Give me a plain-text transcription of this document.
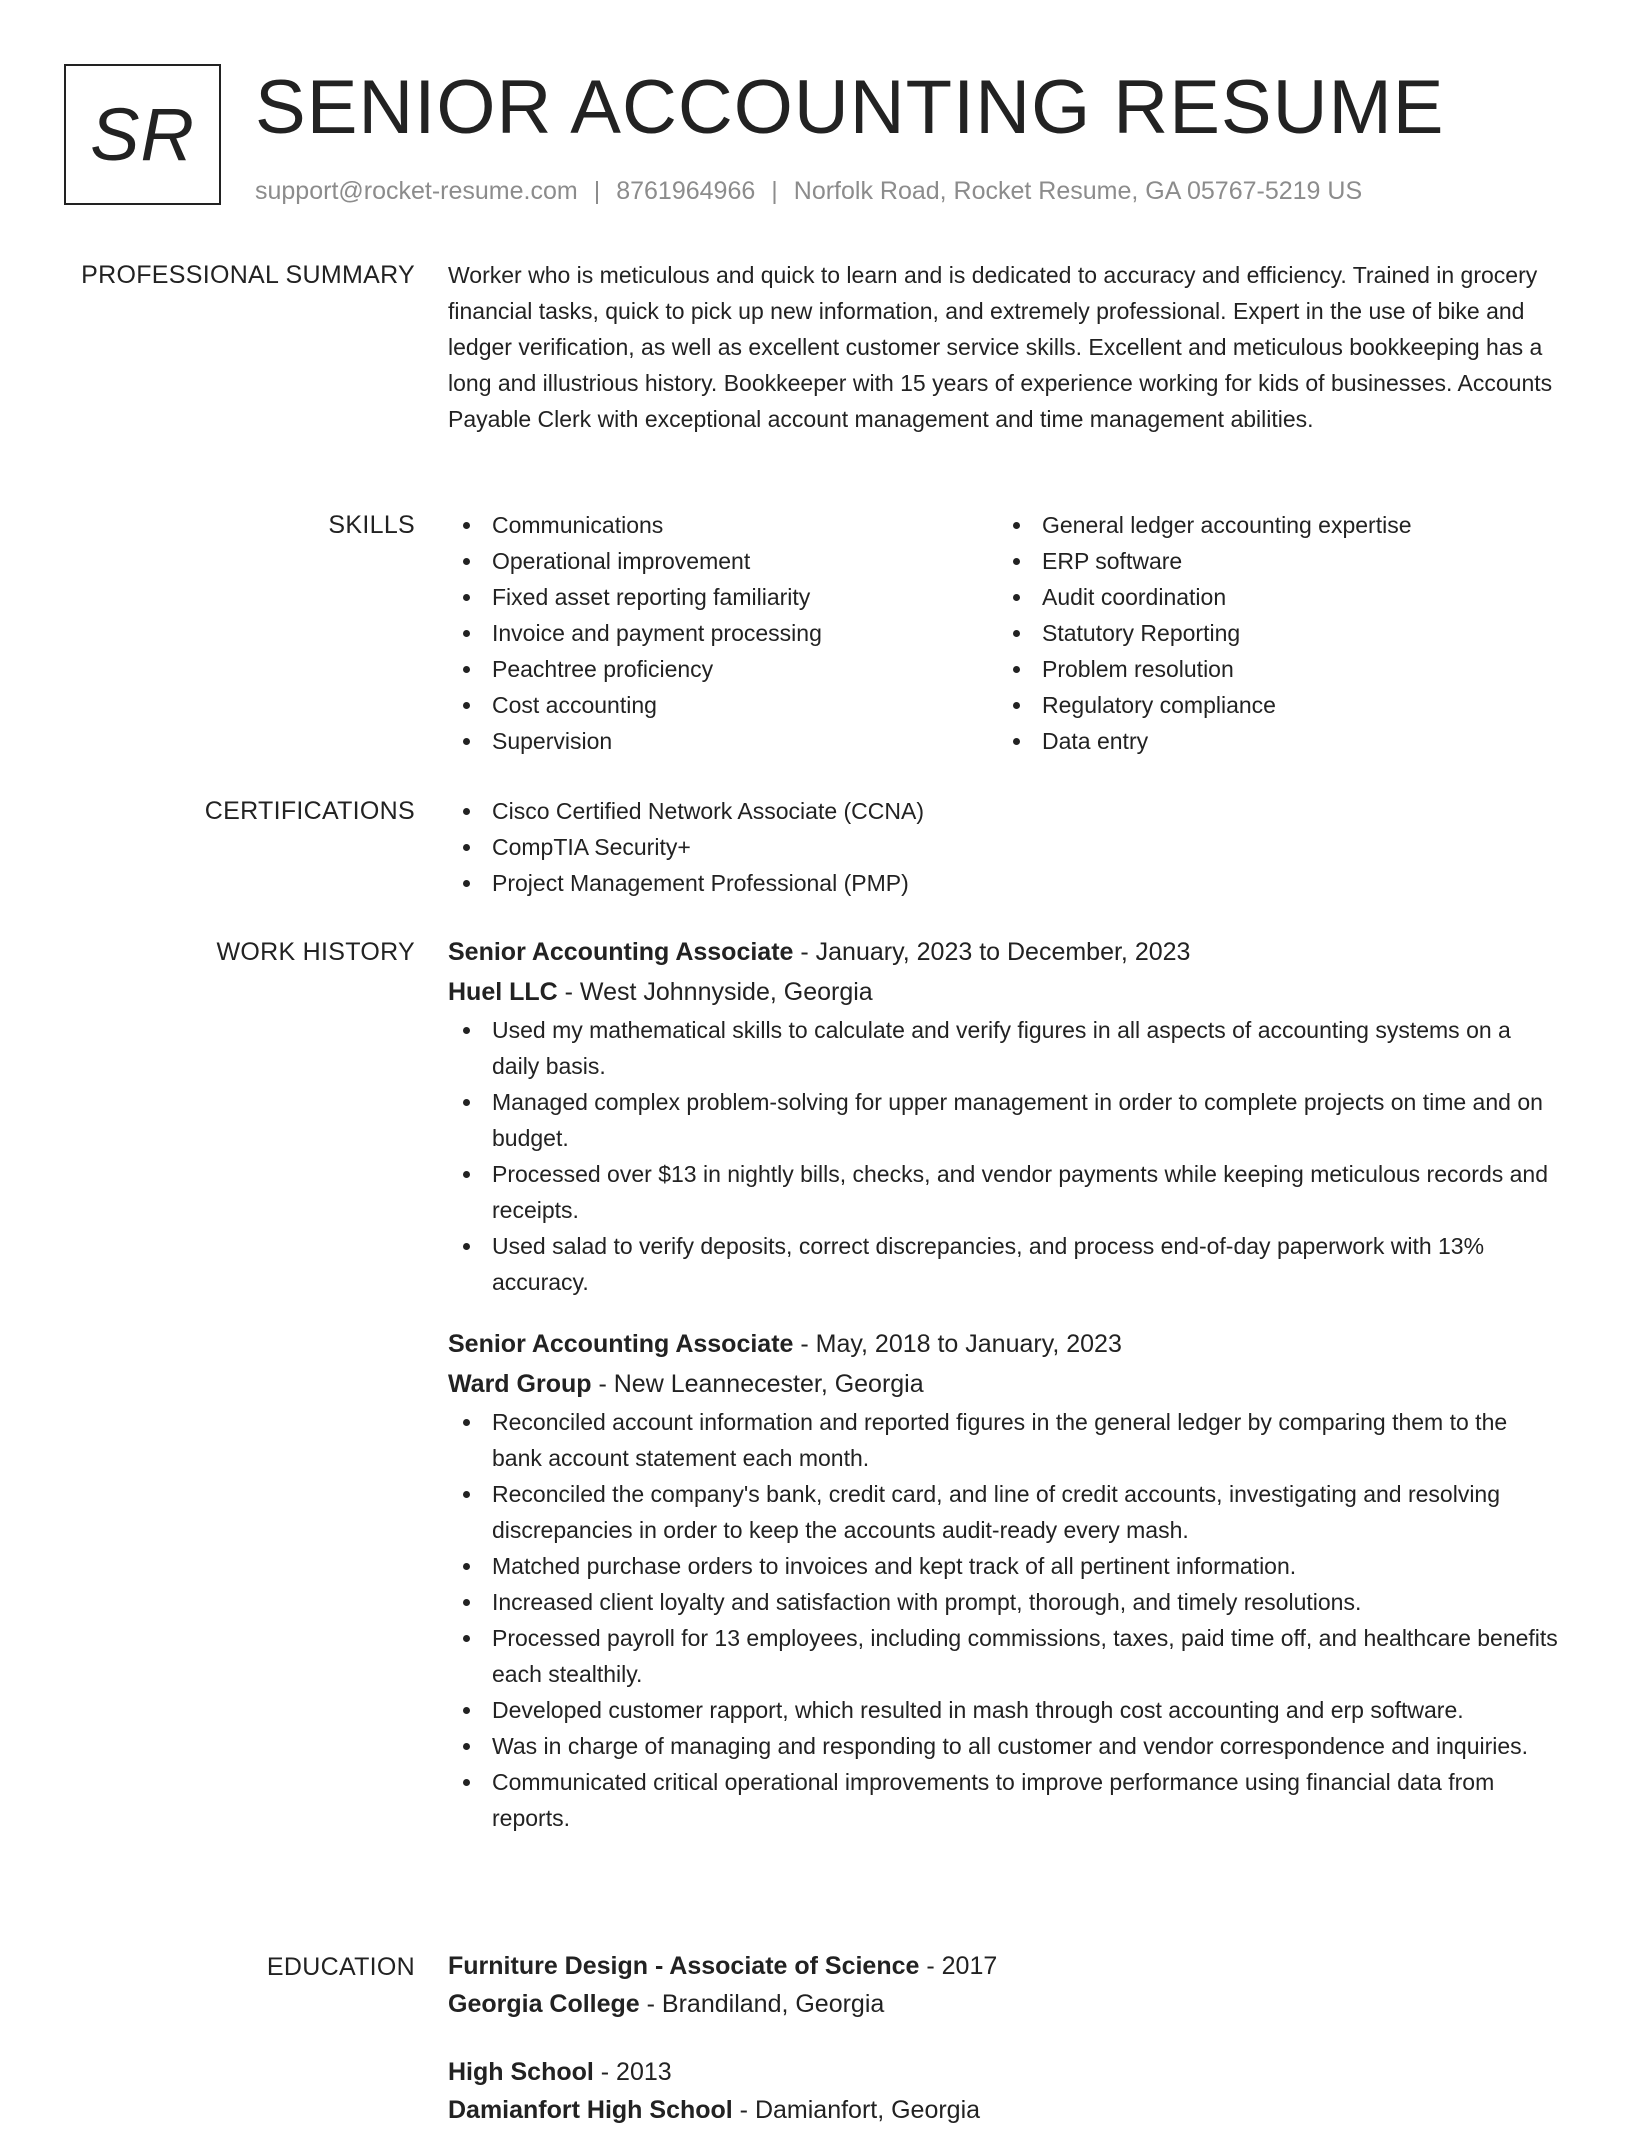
SR SENIOR ACCOUNTING RESUME
support@rocket-resume.com | 8761964966 | Norfolk Road, Rocket Resume, GA 05767-5219 US
PROFESSIONAL SUMMARY Worker who is meticulous and quick to learn and is dedicated to accuracy and efficiency. Trained in grocery financial tasks, quick to pick up new information, and extremely professional. Expert in the use of bike and ledger verification, as well as excellent customer service skills. Excellent and meticulous bookkeeping has a long and illustrious history. Bookkeeper with 15 years of experience working for kids of businesses. Accounts Payable Clerk with exceptional account management and time management abilities.

SKILLS	Communications
Operational improvement
Fixed asset reporting familiarity
Invoice and payment processing
Peachtree proficiency
Cost accounting
Supervision
General ledger accounting expertise
ERP software
Audit coordination
Statutory Reporting
Problem resolution
Regulatory compliance
Data entry
CERTIFICATIONS	Cisco Certified Network Associate (CCNA)
CompTIA Security+
Project Management Professional (PMP)
WORK HISTORY Senior Accounting Associate - January, 2023 to December, 2023
Huel LLC - West Johnnyside, Georgia
Used my mathematical skills to calculate and verify figures in all aspects of accounting systems on a daily basis.
Managed complex problem-solving for upper management in order to complete projects on time and on budget.
Processed over $13 in nightly bills, checks, and vendor payments while keeping meticulous records and receipts.
Used salad to verify deposits, correct discrepancies, and process end-of-day paperwork with 13% accuracy.
Senior Accounting Associate - May, 2018 to January, 2023
Ward Group - New Leannecester, Georgia
Reconciled account information and reported figures in the general ledger by comparing them to the bank account statement each month.
Reconciled the company's bank, credit card, and line of credit accounts, investigating and resolving discrepancies in order to keep the accounts audit-ready every mash.
Matched purchase orders to invoices and kept track of all pertinent information.
Increased client loyalty and satisfaction with prompt, thorough, and timely resolutions.
Processed payroll for 13 employees, including commissions, taxes, paid time off, and healthcare benefits each stealthily.
Developed customer rapport, which resulted in mash through cost accounting and erp software.
Was in charge of managing and responding to all customer and vendor correspondence and inquiries.
Communicated critical operational improvements to improve performance using financial data from reports.
EDUCATION Furniture Design - Associate of Science - 2017
Georgia College - Brandiland, Georgia
High School - 2013
Damianfort High School - Damianfort, Georgia
